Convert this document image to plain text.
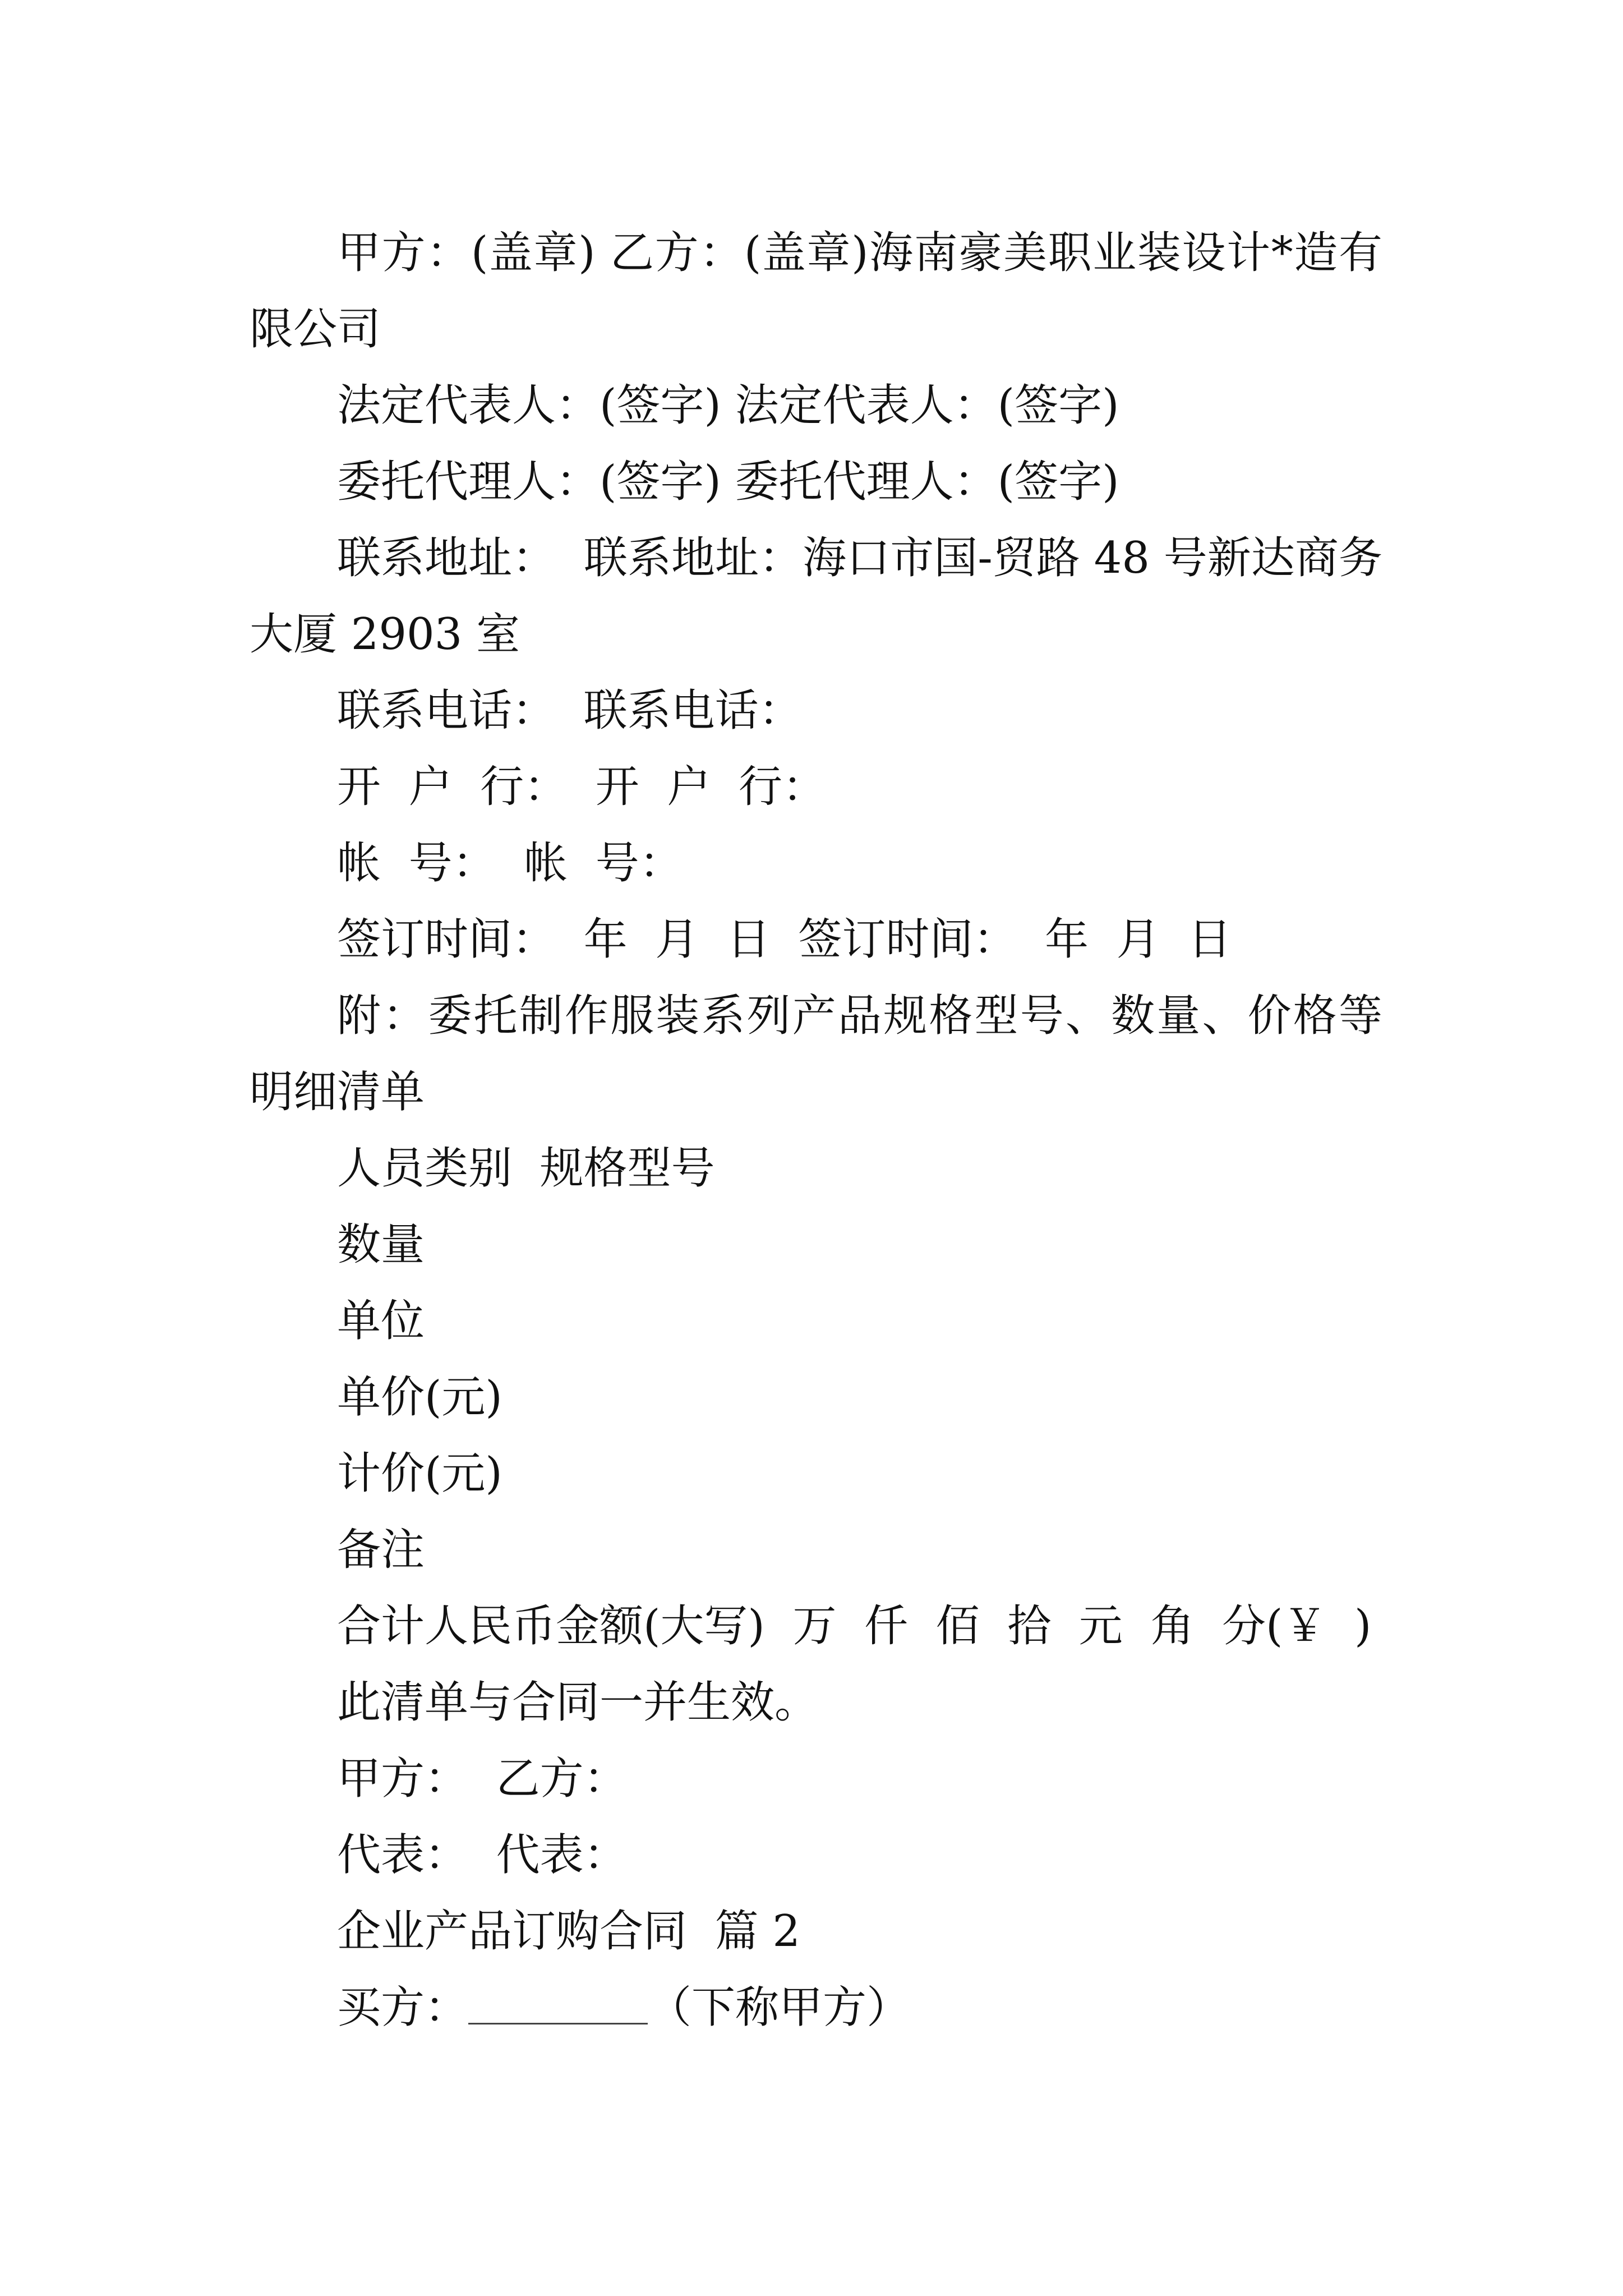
甲方：(盖章) 乙方：(盖章)海南豪美职业装设计*造有限公司

法定代表人：(签字) 法定代表人：(签字)

委托代理人：(签字) 委托代理人：(签字)

联系地址：  联系地址：海口市国-贸路 48 号新达商务大厦 2903 室

联系电话：  联系电话：

开  户  行：  开  户  行：

帐  号：  帐  号：

签订时间：  年  月  日  签订时间：  年  月  日

附：委托制作服装系列产品规格型号、数量、价格等明细清单

人员类别  规格型号

数量

单位

单价(元)

计价(元)

备注

合计人民币金额(大写)  万  仟  佰  拾  元  角  分(￥  )

此清单与合同一并生效。

甲方：  乙方：

代表：  代表：

企业产品订购合同  篇 2

买方：	（下称甲方）
